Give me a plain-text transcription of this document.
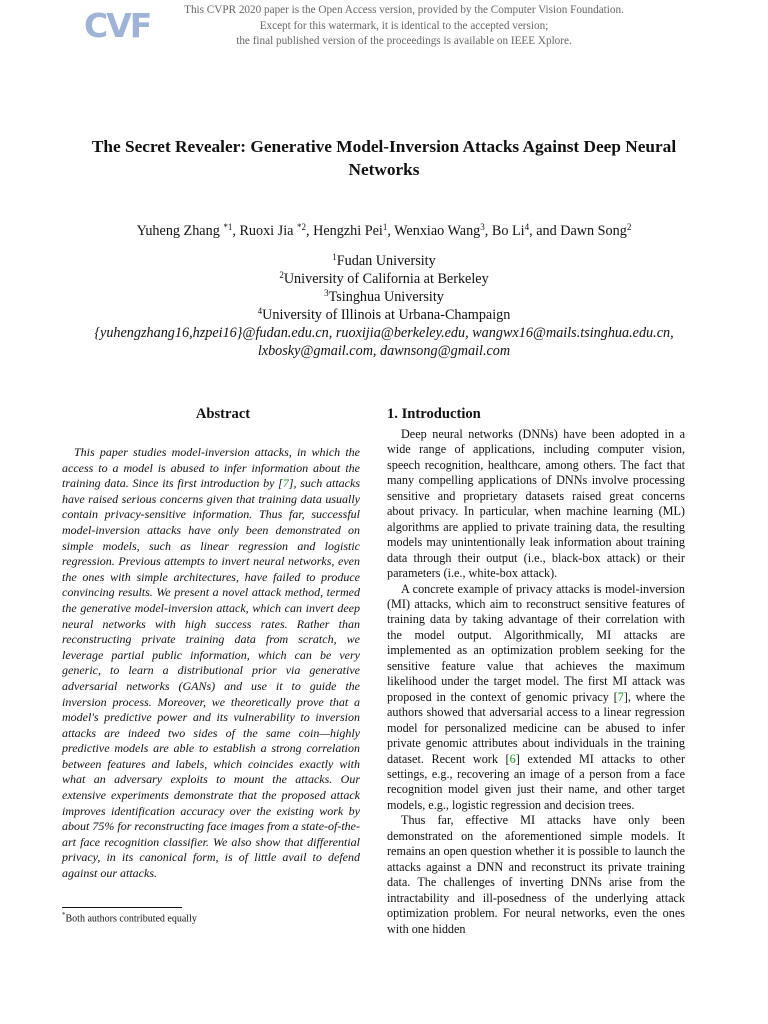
CVF	This CVPR 2020 paper is the Open Access version, provided by the Computer Vision Foundation.
Except for this watermark, it is identical to the accepted version;
the final published version of the proceedings is available on IEEE Xplore.
The Secret Revealer: Generative Model-Inversion Attacks Against Deep Neural Networks
Yuheng Zhang $^{*1}$, Ruoxi Jia $^{*2}$, Hengzhi Pei$^1$, Wenxiao Wang$^3$, Bo Li$^4$, and Dawn Song$^2$
$^1$Fudan University
$^2$University of California at Berkeley
$^3$Tsinghua University
$^4$University of Illinois at Urbana-Champaign
{yuhengzhang16,hzpei16}@fudan.edu.cn, ruoxijia@berkeley.edu, wangwx16@mails.tsinghua.edu.cn,
lxbosky@gmail.com, dawnsong@gmail.com
Abstract
This paper studies model-inversion attacks, in which the access to a model is abused to infer information about the training data. Since its first introduction by [7], such attacks have raised serious concerns given that training data usually contain privacy-sensitive information. Thus far, successful model-inversion attacks have only been demonstrated on simple models, such as linear regression and logistic regression. Previous attempts to invert neural networks, even the ones with simple architectures, have failed to produce convincing results. We present a novel attack method, termed the generative model-inversion attack, which can invert deep neural networks with high success rates. Rather than reconstructing private training data from scratch, we leverage partial public information, which can be very generic, to learn a distributional prior via generative adversarial networks (GANs) and use it to guide the inversion process. Moreover, we theoretically prove that a model's predictive power and its vulnerability to inversion attacks are indeed two sides of the same coin—highly predictive models are able to establish a strong correlation between features and labels, which coincides exactly with what an adversary exploits to mount the attacks. Our extensive experiments demonstrate that the proposed attack improves identification accuracy over the existing work by about 75% for reconstructing face images from a state-of-the-art face recognition classifier. We also show that differential privacy, in its canonical form, is of little avail to defend against our attacks.
*Both authors contributed equally
1. Introduction

Deep neural networks (DNNs) have been adopted in a wide range of applications, including computer vision, speech recognition, healthcare, among others. The fact that many compelling applications of DNNs involve processing sensitive and proprietary datasets raised great concerns about privacy. In particular, when machine learning (ML) algorithms are applied to private training data, the resulting models may unintentionally leak information about training data through their output (i.e., black-box attack) or their parameters (i.e., white-box attack).

A concrete example of privacy attacks is model-inversion (MI) attacks, which aim to reconstruct sensitive features of training data by taking advantage of their correlation with the model output. Algorithmically, MI attacks are implemented as an optimization problem seeking for the sensitive feature value that achieves the maximum likelihood under the target model. The first MI attack was proposed in the context of genomic privacy [7], where the authors showed that adversarial access to a linear regression model for personalized medicine can be abused to infer private genomic attributes about individuals in the training dataset. Recent work [6] extended MI attacks to other settings, e.g., recovering an image of a person from a face recognition model given just their name, and other target models, e.g., logistic regression and decision trees.

Thus far, effective MI attacks have only been demonstrated on the aforementioned simple models. It remains an open question whether it is possible to launch the attacks against a DNN and reconstruct its private training data. The challenges of inverting DNNs arise from the intractability and ill-posedness of the underlying attack optimization problem. For neural networks, even the ones with one hidden
